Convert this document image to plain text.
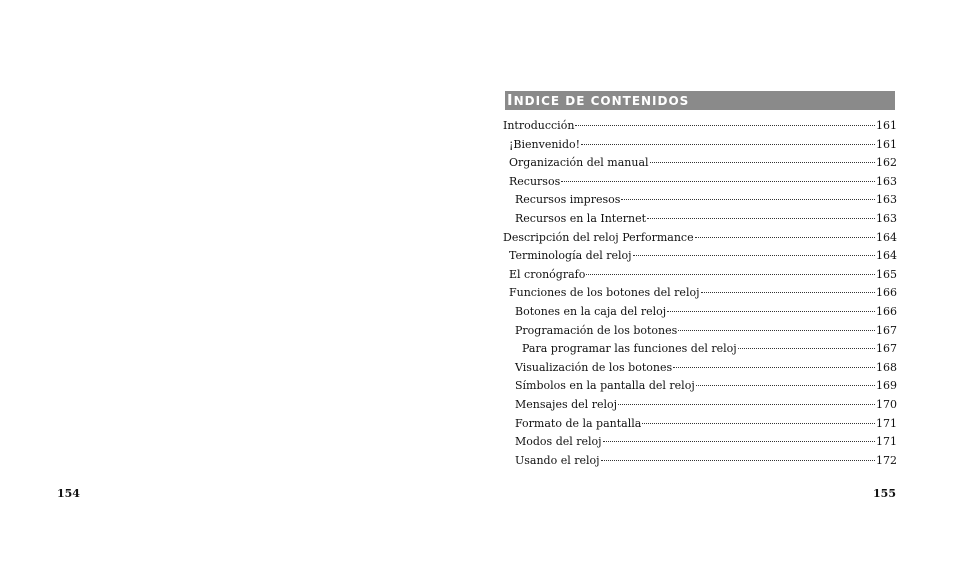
INDICE DE CONTENIDOS
Introducción	161
¡Bienvenido!	161
Organización del manual	162
Recursos	163
Recursos impresos	163
Recursos en la Internet	163
Descripción del reloj Performance	164
Terminología del reloj	164
El cronógrafo	165
Funciones de los botones del reloj	166
Botones en la caja del reloj	166
Programación de los botones	167
Para programar las funciones del reloj	167
Visualización de los botones	168
Símbolos en la pantalla del reloj	169
Mensajes del reloj	170
Formato de la pantalla	171
Modos del reloj	171
Usando el reloj	172
154	155
